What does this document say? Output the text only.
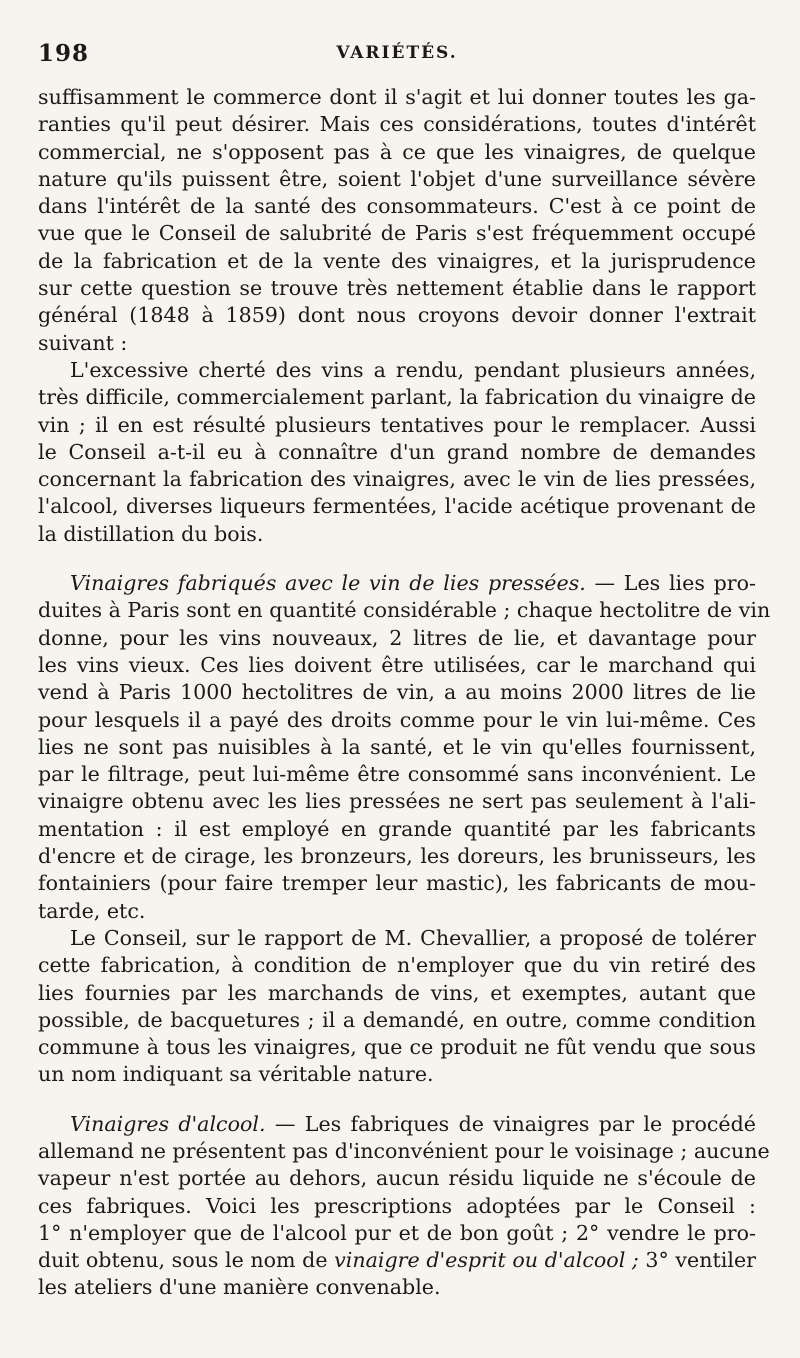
198	VARIÉTÉS.
suffisamment le commerce dont il s'agit et lui donner toutes les ga-
ranties qu'il peut désirer. Mais ces considérations, toutes d'intérêt
commercial, ne s'opposent pas à ce que les vinaigres, de quelque
nature qu'ils puissent être, soient l'objet d'une surveillance sévère
dans l'intérêt de la santé des consommateurs. C'est à ce point de
vue que le Conseil de salubrité de Paris s'est fréquemment occupé
de la fabrication et de la vente des vinaigres, et la jurisprudence
sur cette question se trouve très nettement établie dans le rapport
général (1848 à 1859) dont nous croyons devoir donner l'extrait
suivant :
L'excessive cherté des vins a rendu, pendant plusieurs années,
très difficile, commercialement parlant, la fabrication du vinaigre de
vin ; il en est résulté plusieurs tentatives pour le remplacer. Aussi
le Conseil a-t-il eu à connaître d'un grand nombre de demandes
concernant la fabrication des vinaigres, avec le vin de lies pressées,
l'alcool, diverses liqueurs fermentées, l'acide acétique provenant de
la distillation du bois.
Vinaigres fabriqués avec le vin de lies pressées. — Les lies pro-
duites à Paris sont en quantité considérable ; chaque hectolitre de vin
donne, pour les vins nouveaux, 2 litres de lie, et davantage pour
les vins vieux. Ces lies doivent être utilisées, car le marchand qui
vend à Paris 1000 hectolitres de vin, a au moins 2000 litres de lie
pour lesquels il a payé des droits comme pour le vin lui-même. Ces
lies ne sont pas nuisibles à la santé, et le vin qu'elles fournissent,
par le filtrage, peut lui-même être consommé sans inconvénient. Le
vinaigre obtenu avec les lies pressées ne sert pas seulement à l'ali-
mentation : il est employé en grande quantité par les fabricants
d'encre et de cirage, les bronzeurs, les doreurs, les brunisseurs, les
fontainiers (pour faire tremper leur mastic), les fabricants de mou-
tarde, etc.
Le Conseil, sur le rapport de M. Chevallier, a proposé de tolérer
cette fabrication, à condition de n'employer que du vin retiré des
lies fournies par les marchands de vins, et exemptes, autant que
possible, de bacquetures ; il a demandé, en outre, comme condition
commune à tous les vinaigres, que ce produit ne fût vendu que sous
un nom indiquant sa véritable nature.
Vinaigres d'alcool. — Les fabriques de vinaigres par le procédé
allemand ne présentent pas d'inconvénient pour le voisinage ; aucune
vapeur n'est portée au dehors, aucun résidu liquide ne s'écoule de
ces fabriques. Voici les prescriptions adoptées par le Conseil :
1° n'employer que de l'alcool pur et de bon goût ; 2° vendre le pro-
duit obtenu, sous le nom de vinaigre d'esprit ou d'alcool ; 3° ventiler
les ateliers d'une manière convenable.
